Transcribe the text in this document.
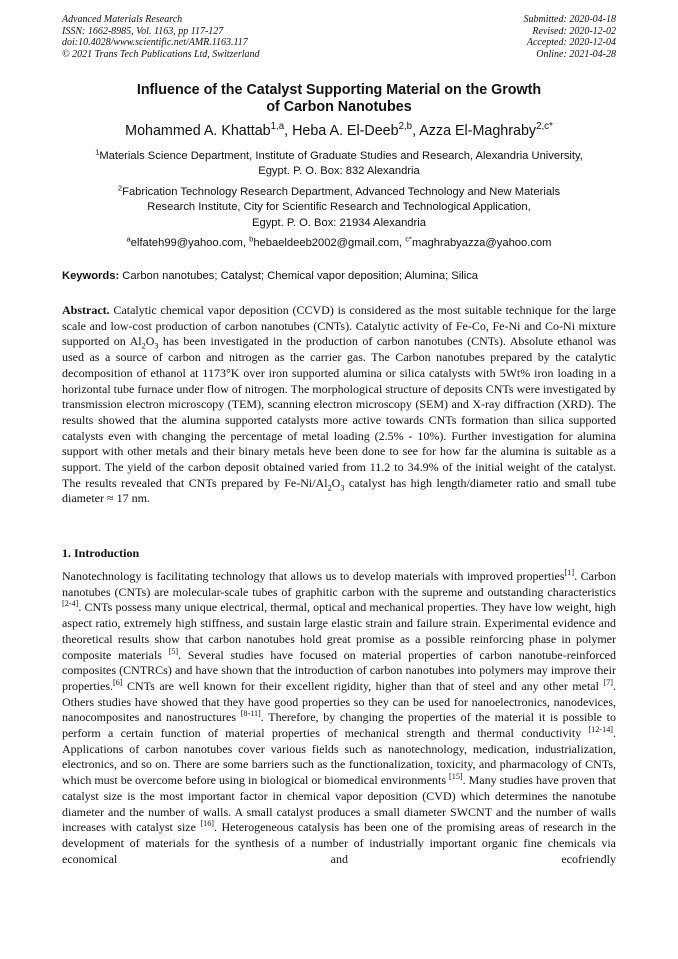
Advanced Materials Research
ISSN: 1662-8985, Vol. 1163, pp 117-127
doi:10.4028/www.scientific.net/AMR.1163.117
© 2021 Trans Tech Publications Ltd, Switzerland
Submitted: 2020-04-18
Revised: 2020-12-02
Accepted: 2020-12-04
Online: 2021-04-28
Influence of the Catalyst Supporting Material on the Growth
of Carbon Nanotubes
Mohammed A. Khattab$^{1,a}$, Heba A. El-Deeb$^{2,b}$, Azza El-Maghraby$^{2,c*}$
$^1$Materials Science Department, Institute of Graduate Studies and Research, Alexandria University,
Egypt. P. O. Box: 832 Alexandria
$^2$Fabrication Technology Research Department, Advanced Technology and New Materials
Research Institute, City for Scientific Research and Technological Application,
Egypt. P. O. Box: 21934 Alexandria
$^a$elfateh99@yahoo.com, $^b$hebaeldeeb2002@gmail.com, $^{c*}$maghrabyazza@yahoo.com
Keywords: Carbon nanotubes; Catalyst; Chemical vapor deposition; Alumina; Silica
Abstract. Catalytic chemical vapor deposition (CCVD) is considered as the most suitable technique for the large scale and low-cost production of carbon nanotubes (CNTs). Catalytic activity of Fe-Co, Fe-Ni and Co-Ni mixture supported on $Al_2O_3$ has been investigated in the production of carbon nanotubes (CNTs). Absolute ethanol was used as a source of carbon and nitrogen as the carrier gas. The Carbon nanotubes prepared by the catalytic decomposition of ethanol at 1173°K over iron supported alumina or silica catalysts with 5Wt% iron loading in a horizontal tube furnace under flow of nitrogen. The morphological structure of deposits CNTs were investigated by transmission electron microscopy (TEM), scanning electron microscopy (SEM) and X-ray diffraction (XRD). The results showed that the alumina supported catalysts more active towards CNTs formation than silica supported catalysts even with changing the percentage of metal loading (2.5% - 10%). Further investigation for alumina support with other metals and their binary metals heve been done to see for how far the alumina is suitable as a support. The yield of the carbon deposit obtained varied from 11.2 to 34.9% of the initial weight of the catalyst. The results revealed that CNTs prepared by $Fe-Ni/Al_2O_3$ catalyst has high length/diameter ratio and small tube diameter ≈ 17 nm.
1. Introduction
Nanotechnology is facilitating technology that allows us to develop materials with improved properties[1]. Carbon nanotubes (CNTs) are molecular-scale tubes of graphitic carbon with the supreme and outstanding characteristics [2-4]. CNTs possess many unique electrical, thermal, optical and mechanical properties. They have low weight, high aspect ratio, extremely high stiffness, and sustain large elastic strain and failure strain. Experimental evidence and theoretical results show that carbon nanotubes hold great promise as a possible reinforcing phase in polymer composite materials [5]. Several studies have focused on material properties of carbon nanotube-reinforced composites (CNTRCs) and have shown that the introduction of carbon nanotubes into polymers may improve their properties.[6] CNTs are well known for their excellent rigidity, higher than that of steel and any other metal [7]. Others studies have showed that they have good properties so they can be used for nanoelectronics, nanodevices, nanocomposites and nanostructures [8-11]. Therefore, by changing the properties of the material it is possible to perform a certain function of material properties of mechanical strength and thermal conductivity [12-14]. Applications of carbon nanotubes cover various fields such as nanotechnology, medication, industrialization, electronics, and so on. There are some barriers such as the functionalization, toxicity, and pharmacology of CNTs, which must be overcome before using in biological or biomedical environments [15]. Many studies have proven that catalyst size is the most important factor in chemical vapor deposition (CVD) which determines the nanotube diameter and the number of walls. A small catalyst produces a small diameter SWCNT and the number of walls increases with catalyst size [16]. Heterogeneous catalysis has been one of the promising areas of research in the development of materials for the synthesis of a number of industrially important organic fine chemicals via economical and ecofriendly
